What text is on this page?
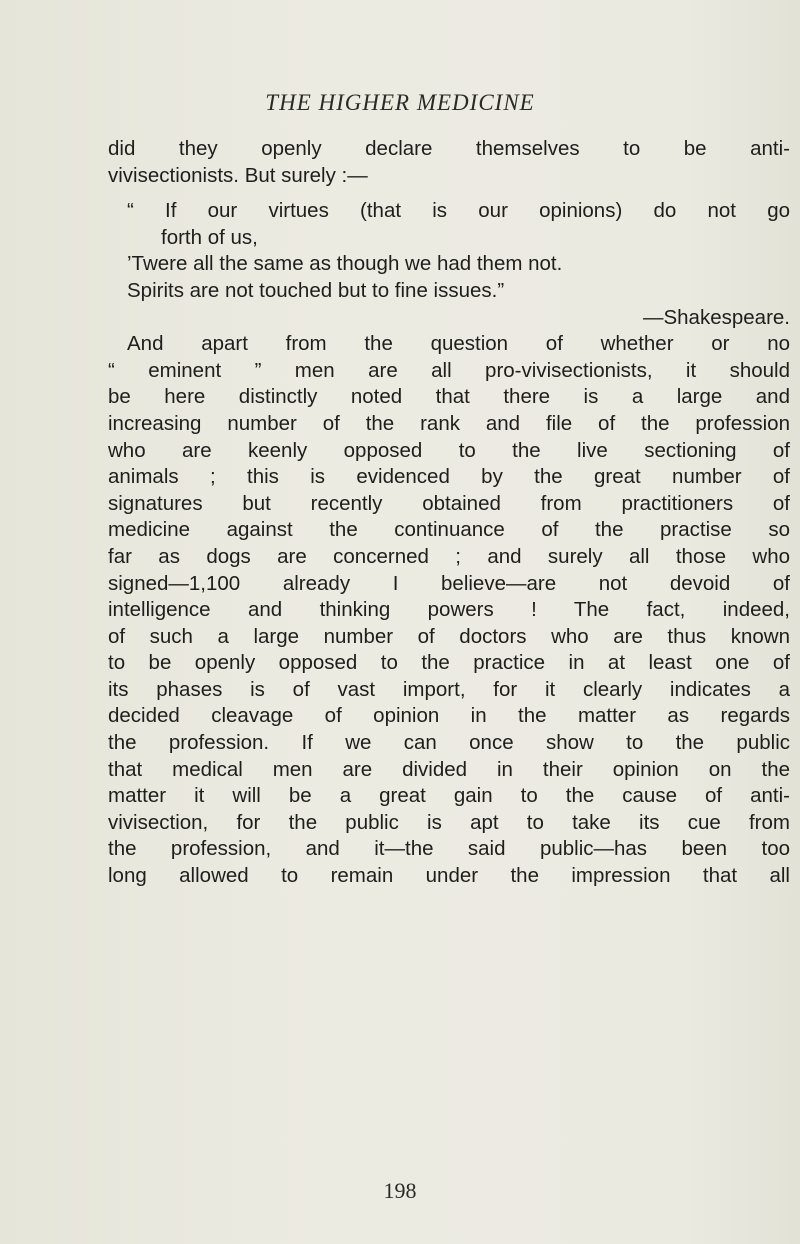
THE HIGHER MEDICINE
did they openly declare themselves to be anti-
vivisectionists. But surely :—
“ If our virtues (that is our opinions) do not go
forth of us,
’Twere all the same as though we had them not.
Spirits are not touched but to fine issues.”
—Shakespeare.
And apart from the question of whether or no
“ eminent ” men are all pro-vivisectionists, it should
be here distinctly noted that there is a large and
increasing number of the rank and file of the profession
who are keenly opposed to the live sectioning of
animals ; this is evidenced by the great number of
signatures but recently obtained from practitioners of
medicine against the continuance of the practise so
far as dogs are concerned ; and surely all those who
signed—1,100 already I believe—are not devoid of
intelligence and thinking powers ! The fact, indeed,
of such a large number of doctors who are thus known
to be openly opposed to the practice in at least one of
its phases is of vast import, for it clearly indicates a
decided cleavage of opinion in the matter as regards
the profession. If we can once show to the public
that medical men are divided in their opinion on the
matter it will be a great gain to the cause of anti-
vivisection, for the public is apt to take its cue from
the profession, and it—the said public—has been too
long allowed to remain under the impression that all
198
